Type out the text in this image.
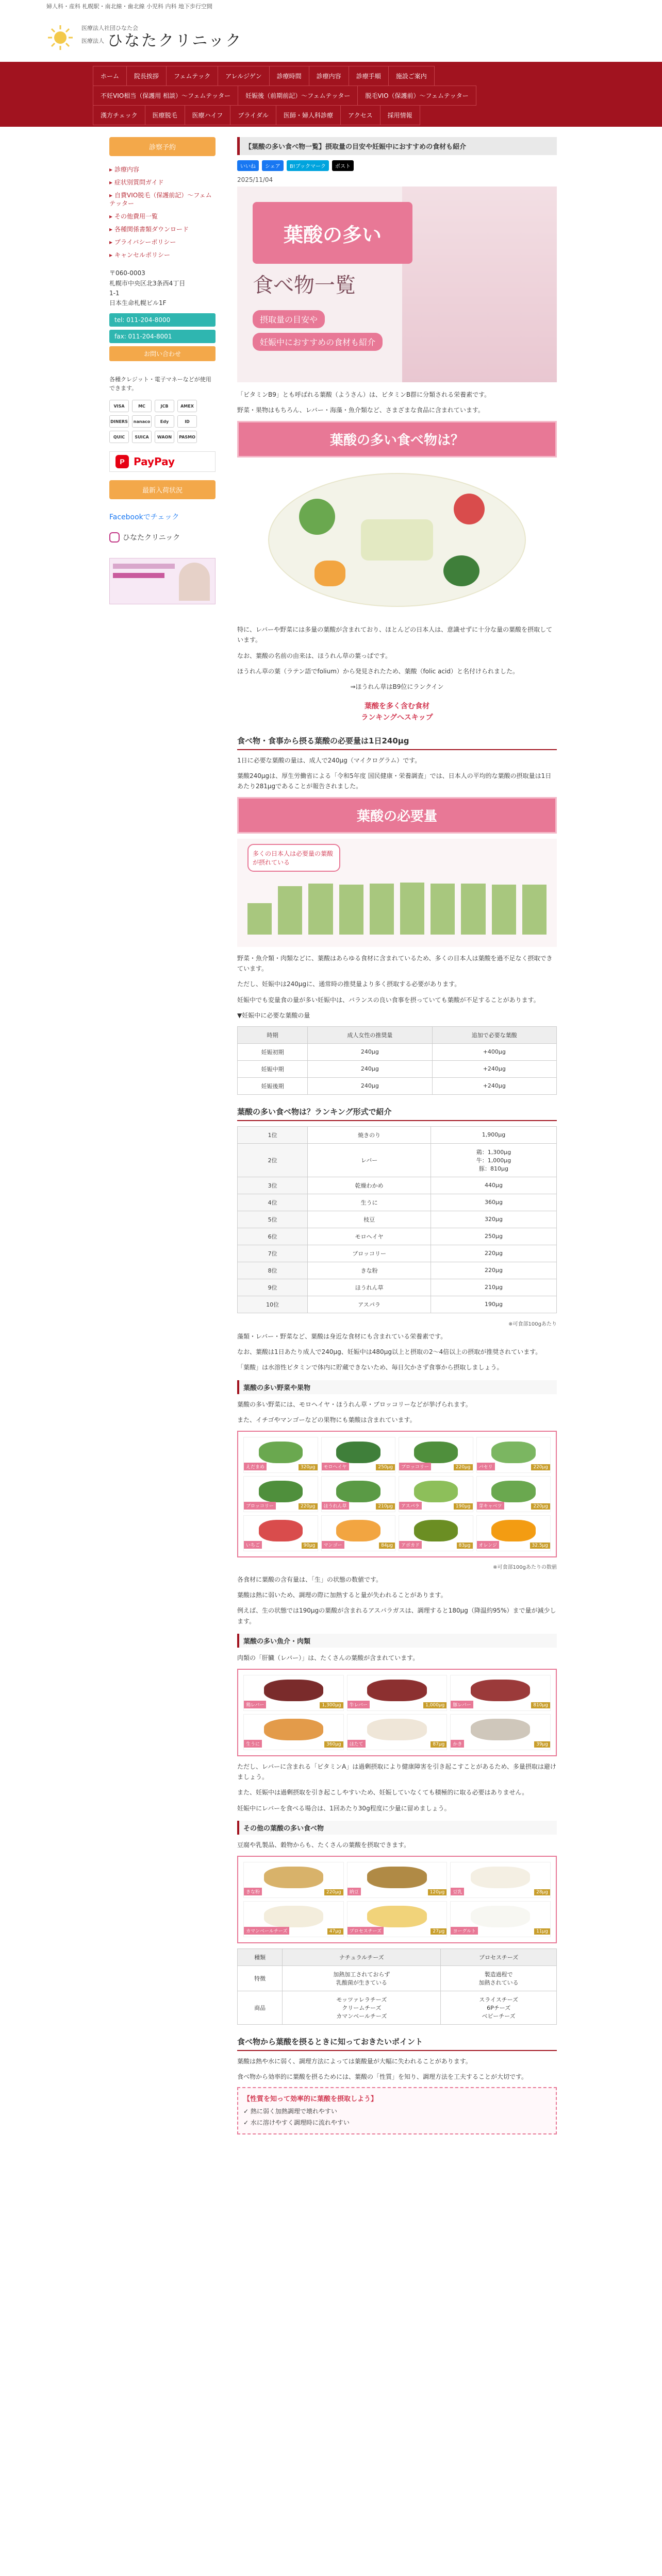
婦人科・産科 札幌駅・南北線・歯北線 小児科 内科 地下歩行空間
医療法人社団ひなた会
医療法人 ひなたクリニック
ホーム	院長挨拶	フェムテック	アレルジゲン	診療時間	診療内容	診療手順	施設ご案内
不妊VIO相当（保護用 相談）〜フェムテッター	妊娠後（前期前記）〜フェムテッター	脱毛VIO（保護前）〜フェムテッター
漢方チェック	医療脱毛	医療ハイフ	ブライダル	医師・婦人科診療	アクセス	採用情報
診察予約
▸ 診療内容
▸ 症状別質問ガイド
▸ 自費VIO脱毛（保護前記）〜フェムテッター
▸ その他費用一覧
▸ 各種関係書類ダウンロード
▸ プライバシーポリシー
▸ キャンセルポリシー
〒060-0003
札幌市中央区北3条西4丁目
1-1
日本生命札幌ビル1F
tel: 011-204-8000
fax: 011-204-8001
お問い合わせ
各種クレジット・電子マネーなどが使用できます。
VISA	MC	JCB	AMEX
DINERS	nanaco	Edy	ID
QUIC	SUICA	WAON	PASMO
P PayPay
最新入荷状況
Facebookでチェック
ひなたクリニック
【葉酸の多い食べ物一覧】摂取量の目安や妊娠中におすすめの食材も紹介
いいね	シェア	B!ブックマーク	ポスト
2025/11/04
葉酸の多い
食べ物一覧
摂取量の目安や
妊娠中におすすめの食材も紹介

「ビタミンB9」とも呼ばれる葉酸（ようさん）は、ビタミンB群に分類される栄養素です。

野菜・果物はもちろん、レバー・海藻・魚介類など、さまざまな食品に含まれています。

葉酸の多い食べ物は？

特に、レバーや野菜には多量の葉酸が含まれており、ほとんどの日本人は、意識せずに十分な量の葉酸を摂取しています。

なお、葉酸の名前の由来は、ほうれん草の葉っぱです。

ほうれん草の葉（ラテン語でfolium）から発見されたため、葉酸（folic acid）と名付けられました。

⇒ほうれん草はB9位にランクイン

葉酸を多く含む食材
ランキングへスキップ
食べ物・食事から摂る葉酸の必要量は1日240μg

1日に必要な葉酸の量は、成人で240μg（マイクログラム）です。

葉酸240μgは、厚生労働省による「令和5年度 国民健康・栄養調査」では、日本人の平均的な葉酸の摂取量は1日あたり281μgであることが報告されました。

葉酸の必要量
多くの日本人は必要量の葉酸が摂れている

野菜・魚介類・肉類などに、葉酸はあらゆる食材に含まれているため、多くの日本人は葉酸を過不足なく摂取できています。

ただし、妊娠中は240μgに、通常時の推奨量より多く摂取する必要があります。

妊娠中でも変量食の量が多い妊娠中は、バランスの良い食事を摂っていても葉酸が不足することがあります。

▼妊娠中に必要な葉酸の量

時期	成人女性の推奨量	追加で必要な葉酸
妊娠初期	240μg	+400μg
妊娠中期	240μg	+240μg
妊娠後期	240μg	+240μg
葉酸の多い食べ物は？ランキング形式で紹介
1位	焼きのり	1,900μg
2位	レバー	鶏：1,300μg
牛：1,000μg
豚：810μg
3位	乾燥わかめ	440μg
4位	生うに	360μg
5位	枝豆	320μg
6位	モロヘイヤ	250μg
7位	ブロッコリー	220μg
8位	きな粉	220μg
9位	ほうれん草	210μg
10位	アスパラ	190μg
※可食部100gあたり

藻類・レバー・野菜など、葉酸は身近な食材にも含まれている栄養素です。

なお、葉酸は1日あたり成人で240μg、妊娠中は480μg以上と摂取の2〜4倍以上の摂取が推奨されています。

「葉酸」は水溶性ビタミンで体内に貯蔵できないため、毎日欠かさず食事から摂取しましょう。

葉酸の多い野菜や果物

葉酸の多い野菜には、モロヘイヤ・ほうれん草・ブロッコリーなどが挙げられます。

また、イチゴやマンゴーなどの果物にも葉酸は含まれています。

えだまめ	320μg	モロヘイヤ	250μg	ブロッコリー	220μg	パセリ	220μg
ブロッコリー	220μg	ほうれん草	210μg	アスパラ	190μg	芽キャベツ	220μg
いちご	90μg	マンゴー	84μg	アボカド	83μg	オレンジ	32.5μg
※可食部100gあたりの数値

各食材に葉酸の含有量は、「生」の状態の数値です。

葉酸は熱に弱いため、調理の際に加熱すると量が失われることがあります。

例えば、生の状態では190μgの葉酸が含まれるアスパラガスは、調理すると180μg（降温約95%）まで量が減少します。

葉酸の多い魚介・肉類

肉類の「肝臓（レバー）」は、たくさんの葉酸が含まれています。

鶏レバー	1,300μg	牛レバー	1,000μg	豚レバー	810μg
生うに	360μg	ほたて	87μg	かき	39μg

ただし、レバーに含まれる「ビタミンA」は過剰摂取により健康障害を引き起こすことがあるため、多量摂取は避けましょう。

また、妊娠中は過剰摂取を引き起こしやすいため、妊娠していなくても積極的に取る必要はありません。

妊娠中にレバーを食べる場合は、1回あたり30g程度に少量に留めましょう。

その他の葉酸の多い食べ物

豆腐や乳製品、穀物からも、たくさんの葉酸を摂取できます。

きな粉	220μg	納豆	120μg	豆乳	28μg
カマンベールチーズ	47μg	プロセスチーズ	27μg	ヨーグルト	11μg
種類	ナチュラルチーズ	プロセスチーズ
特徴	加熱加工されておらず
乳酸菌が生きている	製造過程で
加熱されている
商品	モッツァレラチーズ
クリームチーズ
カマンベールチーズ	スライスチーズ
6Pチーズ
ベビーチーズ
食べ物から葉酸を摂るときに知っておきたいポイント

葉酸は熱や水に弱く、調理方法によっては葉酸量が大幅に失われることがあります。

食べ物から効率的に葉酸を摂るためには、葉酸の「性質」を知り、調理方法を工夫することが大切です。

【性質を知って効率的に葉酸を摂取しよう】
✓ 熱に弱く加熱調理で壊れやすい
✓ 水に溶けやすく調理時に流れやすい
